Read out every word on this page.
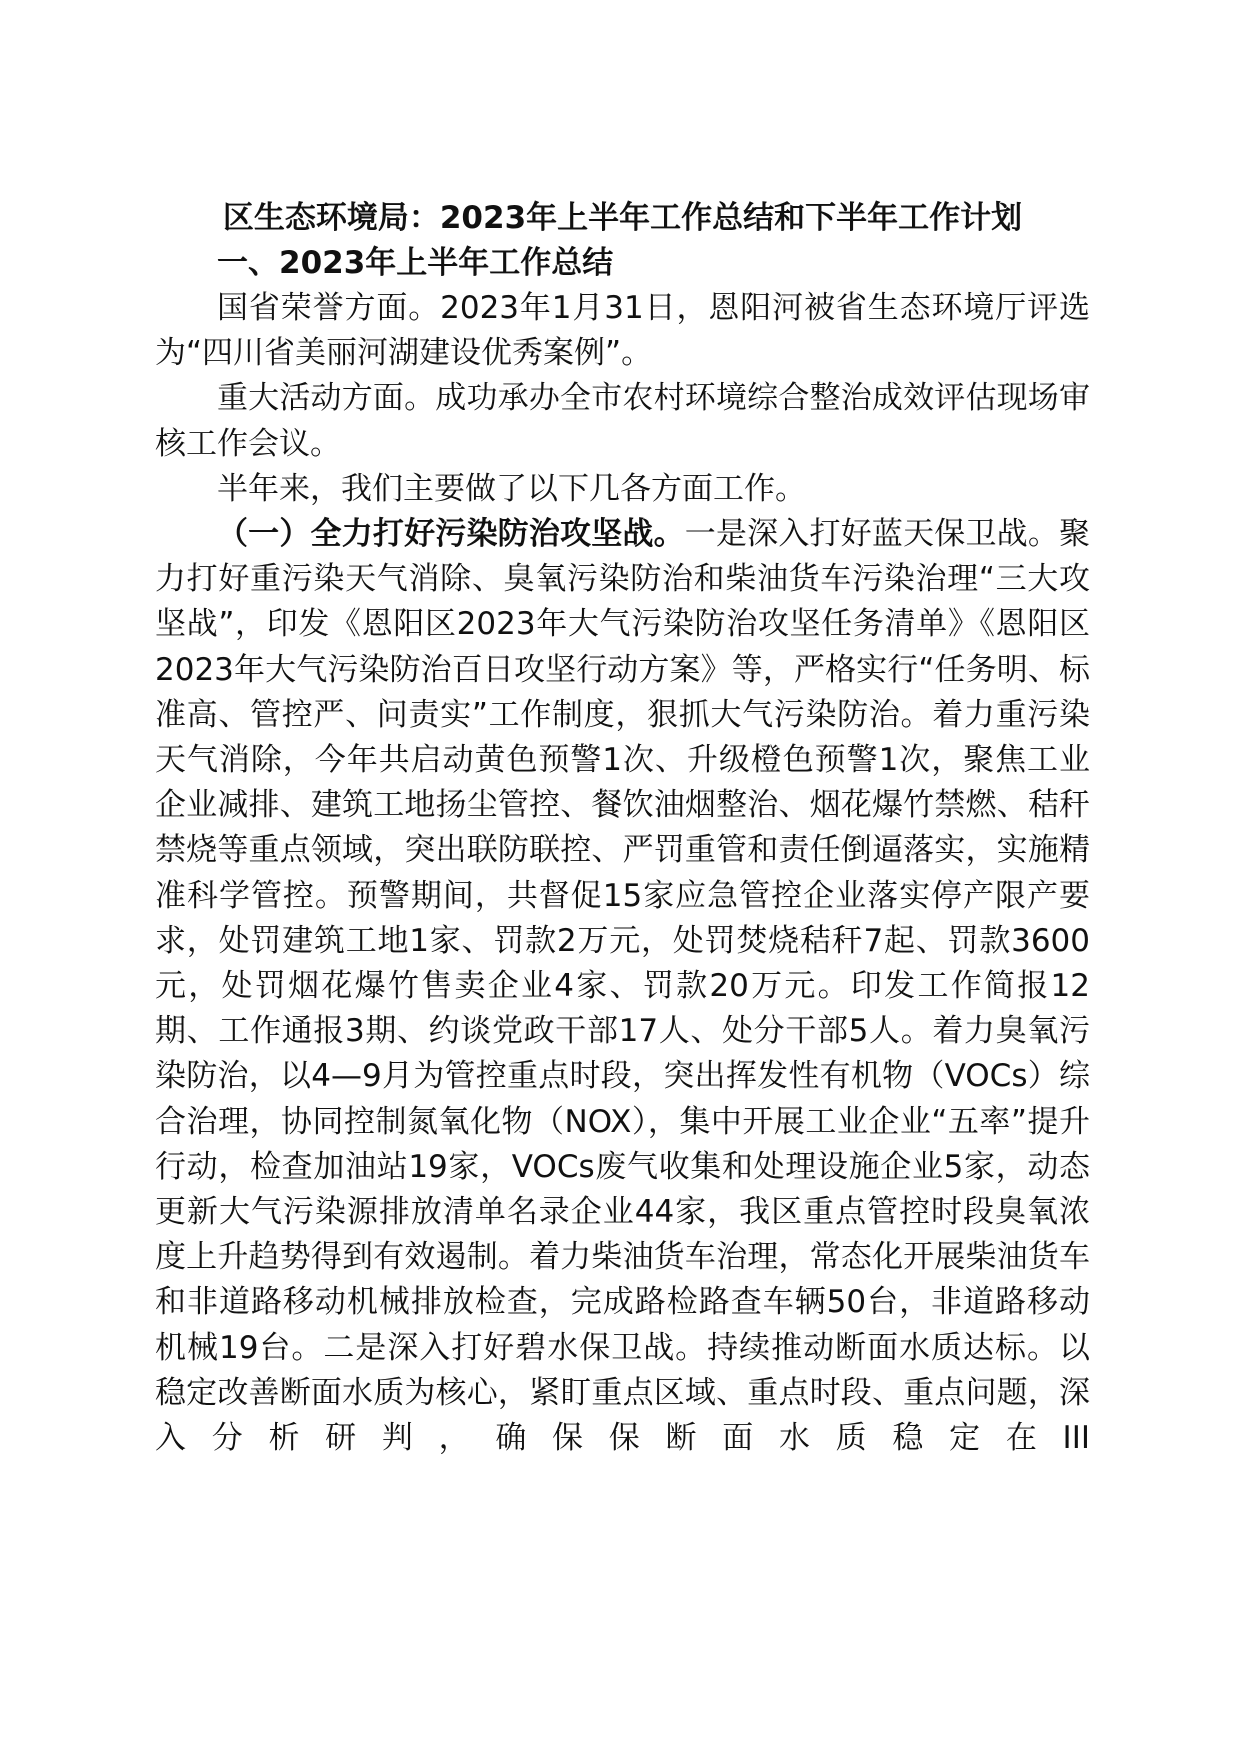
区生态环境局：2023年上半年工作总结和下半年工作计划
一、2023年上半年工作总结

国省荣誉方面。2023年1月31日，恩阳河被省生态环境厅评选为“四川省美丽河湖建设优秀案例”。

重大活动方面。成功承办全市农村环境综合整治成效评估现场审核工作会议。

半年来，我们主要做了以下几各方面工作。

（一）全力打好污染防治攻坚战。一是深入打好蓝天保卫战。聚力打好重污染天气消除、臭氧污染防治和柴油货车污染治理“三大攻坚战”，印发《恩阳区2023年大气污染防治攻坚任务清单》《恩阳区2023年大气污染防治百日攻坚行动方案》等，严格实行“任务明、标准高、管控严、问责实”工作制度，狠抓大气污染防治。着力重污染天气消除，今年共启动黄色预警1次、升级橙色预警1次，聚焦工业企业减排、建筑工地扬尘管控、餐饮油烟整治、烟花爆竹禁燃、秸秆禁烧等重点领域，突出联防联控、严罚重管和责任倒逼落实，实施精准科学管控。预警期间，共督促15家应急管控企业落实停产限产要求，处罚建筑工地1家、罚款2万元，处罚焚烧秸秆7起、罚款3600元，处罚烟花爆竹售卖企业4家、罚款20万元。印发工作简报12期、工作通报3期、约谈党政干部17人、处分干部5人。着力臭氧污染防治，以4—9月为管控重点时段，突出挥发性有机物（VOCs）综合治理，协同控制氮氧化物（NOX），集中开展工业企业“五率”提升行动，检查加油站19家，VOCs废气收集和处理设施企业5家，动态更新大气污染源排放清单名录企业44家，我区重点管控时段臭氧浓度上升趋势得到有效遏制。着力柴油货车治理，常态化开展柴油货车和非道路移动机械排放检查，完成路检路查车辆50台，非道路移动机械19台。二是深入打好碧水保卫战。持续推动断面水质达标。以稳定改善断面水质为核心，紧盯重点区域、重点时段、重点问题，深入分析研判，确保保断面水质稳定在III
